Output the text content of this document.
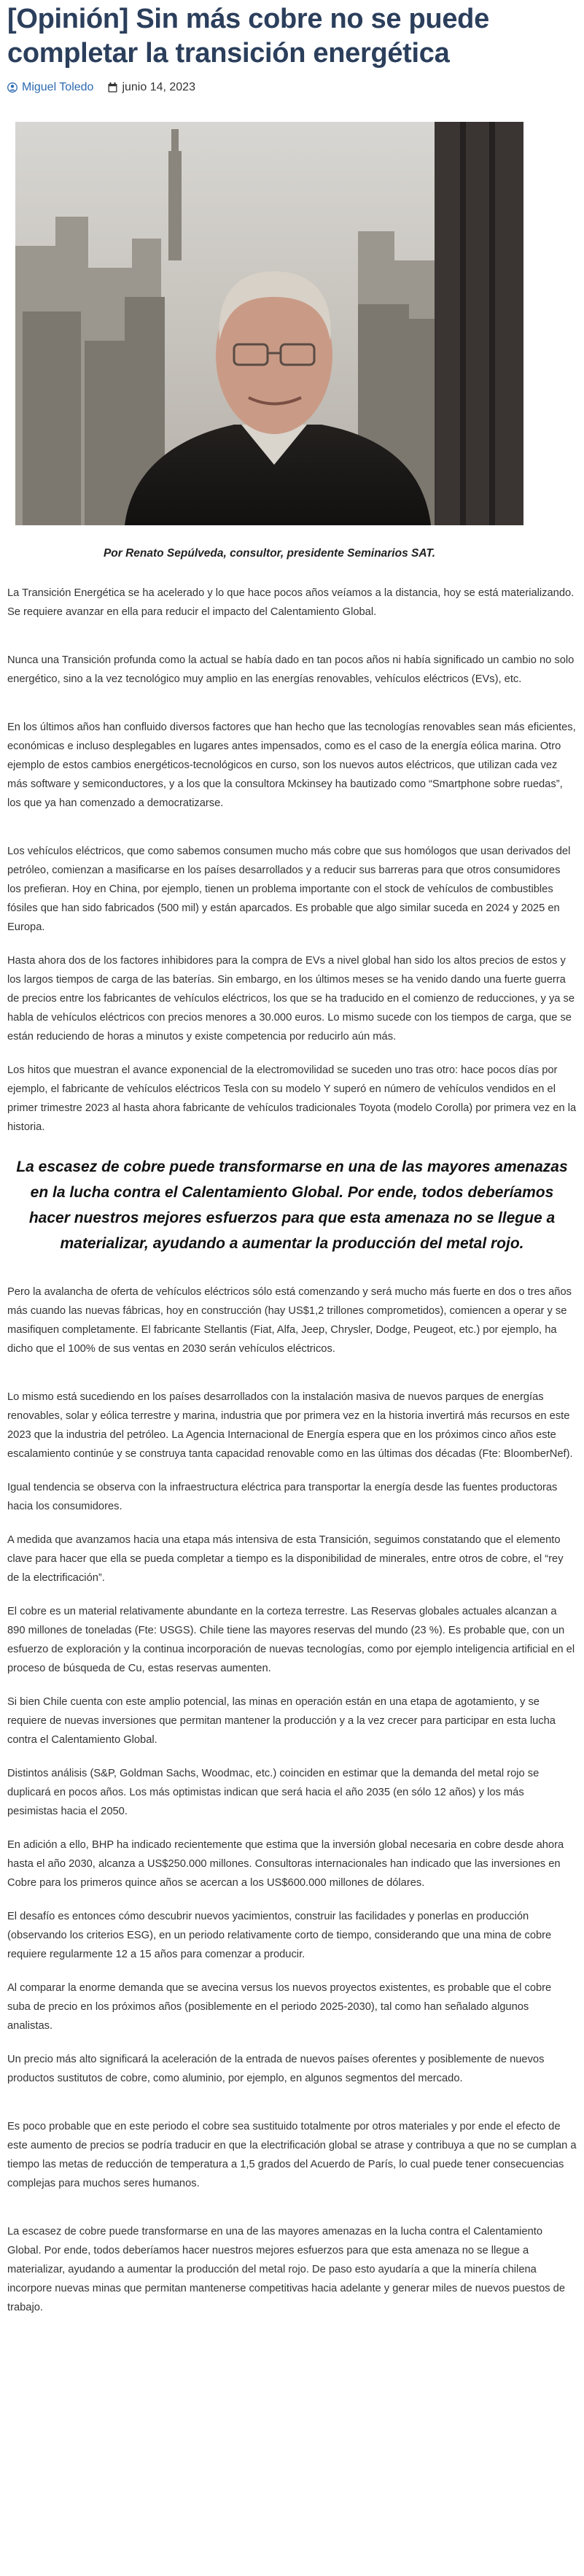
[Opinión] Sin más cobre no se puede completar la transición energética
Miguel Toledo junio 14, 2023
Por Renato Sepúlveda, consultor, presidente Seminarios SAT.

La Transición Energética se ha acelerado y lo que hace pocos años veíamos a la distancia, hoy se está materializando. Se requiere avanzar en ella para reducir el impacto del Calentamiento Global.

Nunca una Transición profunda como la actual se había dado en tan pocos años ni había significado un cambio no solo energético, sino a la vez tecnológico muy amplio en las energías renovables, vehículos eléctricos (EVs), etc.

En los últimos años han confluido diversos factores que han hecho que las tecnologías renovables sean más eficientes, económicas e incluso desplegables en lugares antes impensados, como es el caso de la energía eólica marina. Otro ejemplo de estos cambios energéticos-tecnológicos en curso, son los nuevos autos eléctricos, que utilizan cada vez más software y semiconductores, y a los que la consultora Mckinsey ha bautizado como “Smartphone sobre ruedas”, los que ya han comenzado a democratizarse.

Los vehículos eléctricos, que como sabemos consumen mucho más cobre que sus homólogos que usan derivados del petróleo, comienzan a masificarse en los países desarrollados y a reducir sus barreras para que otros consumidores los prefieran. Hoy en China, por ejemplo, tienen un problema importante con el stock de vehículos de combustibles fósiles que han sido fabricados (500 mil) y están aparcados. Es probable que algo similar suceda en 2024 y 2025 en Europa.

Hasta ahora dos de los factores inhibidores para la compra de EVs a nivel global han sido los altos precios de estos y los largos tiempos de carga de las baterías. Sin embargo, en los últimos meses se ha venido dando una fuerte guerra de precios entre los fabricantes de vehículos eléctricos, los que se ha traducido en el comienzo de reducciones, y ya se habla de vehículos eléctricos con precios menores a 30.000 euros. Lo mismo sucede con los tiempos de carga, que se están reduciendo de horas a minutos y existe competencia por reducirlo aún más.

Los hitos que muestran el avance exponencial de la electromovilidad se suceden uno tras otro: hace pocos días por ejemplo, el fabricante de vehículos eléctricos Tesla con su modelo Y superó en número de vehículos vendidos en el primer trimestre 2023 al hasta ahora fabricante de vehículos tradicionales Toyota (modelo Corolla) por primera vez en la historia.

La escasez de cobre puede transformarse en una de las mayores amenazas en la lucha contra el Calentamiento Global. Por ende, todos deberíamos hacer nuestros mejores esfuerzos para que esta amenaza no se llegue a materializar, ayudando a aumentar la producción del metal rojo.

Pero la avalancha de oferta de vehículos eléctricos sólo está comenzando y será mucho más fuerte en dos o tres años más cuando las nuevas fábricas, hoy en construcción (hay US$1,2 trillones comprometidos), comiencen a operar y se masifiquen completamente. El fabricante Stellantis (Fiat, Alfa, Jeep, Chrysler, Dodge, Peugeot, etc.) por ejemplo, ha dicho que el 100% de sus ventas en 2030 serán vehículos eléctricos.

Lo mismo está sucediendo en los países desarrollados con la instalación masiva de nuevos parques de energías renovables, solar y eólica terrestre y marina, industria que por primera vez en la historia invertirá más recursos en este 2023 que la industria del petróleo. La Agencia Internacional de Energía espera que en los próximos cinco años este escalamiento continúe y se construya tanta capacidad renovable como en las últimas dos décadas (Fte: BloomberNef).

Igual tendencia se observa con la infraestructura eléctrica para transportar la energía desde las fuentes productoras hacia los consumidores.

A medida que avanzamos hacia una etapa más intensiva de esta Transición, seguimos constatando que el elemento clave para hacer que ella se pueda completar a tiempo es la disponibilidad de minerales, entre otros de cobre, el “rey de la electrificación”.

El cobre es un material relativamente abundante en la corteza terrestre. Las Reservas globales actuales alcanzan a 890 millones de toneladas (Fte: USGS). Chile tiene las mayores reservas del mundo (23 %). Es probable que, con un esfuerzo de exploración y la continua incorporación de nuevas tecnologías, como por ejemplo inteligencia artificial en el proceso de búsqueda de Cu, estas reservas aumenten.

Si bien Chile cuenta con este amplio potencial, las minas en operación están en una etapa de agotamiento, y se requiere de nuevas inversiones que permitan mantener la producción y a la vez crecer para participar en esta lucha contra el Calentamiento Global.

Distintos análisis (S&P, Goldman Sachs, Woodmac, etc.) coinciden en estimar que la demanda del metal rojo se duplicará en pocos años. Los más optimistas indican que será hacia el año 2035 (en sólo 12 años) y los más pesimistas hacia el 2050.

En adición a ello, BHP ha indicado recientemente que estima que la inversión global necesaria en cobre desde ahora hasta el año 2030, alcanza a US$250.000 millones. Consultoras internacionales han indicado que las inversiones en Cobre para los primeros quince años se acercan a los US$600.000 millones de dólares.

El desafío es entonces cómo descubrir nuevos yacimientos, construir las facilidades y ponerlas en producción (observando los criterios ESG), en un periodo relativamente corto de tiempo, considerando que una mina de cobre requiere regularmente 12 a 15 años para comenzar a producir.

Al comparar la enorme demanda que se avecina versus los nuevos proyectos existentes, es probable que el cobre suba de precio en los próximos años (posiblemente en el periodo 2025-2030), tal como han señalado algunos analistas.

Un precio más alto significará la aceleración de la entrada de nuevos países oferentes y posiblemente de nuevos productos sustitutos de cobre, como aluminio, por ejemplo, en algunos segmentos del mercado.

Es poco probable que en este periodo el cobre sea sustituido totalmente por otros materiales y por ende el efecto de este aumento de precios se podría traducir en que la electrificación global se atrase y contribuya a que no se cumplan a tiempo las metas de reducción de temperatura a 1,5 grados del Acuerdo de París, lo cual puede tener consecuencias complejas para muchos seres humanos.

La escasez de cobre puede transformarse en una de las mayores amenazas en la lucha contra el Calentamiento Global. Por ende, todos deberíamos hacer nuestros mejores esfuerzos para que esta amenaza no se llegue a materializar, ayudando a aumentar la producción del metal rojo. De paso esto ayudaría a que la minería chilena incorpore nuevas minas que permitan mantenerse competitivas hacia adelante y generar miles de nuevos puestos de trabajo.
